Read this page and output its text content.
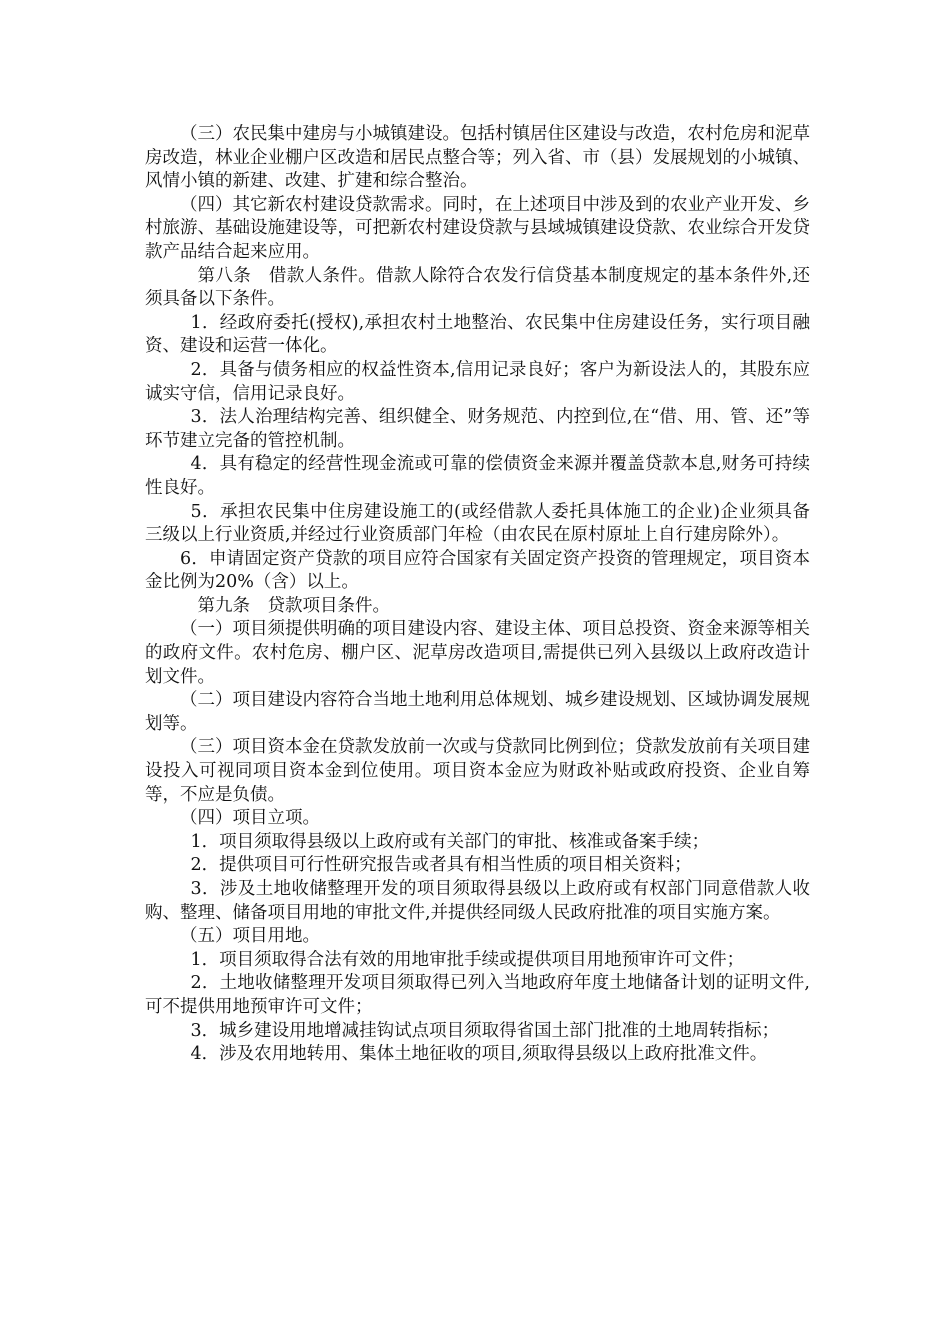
（三）农民集中建房与小城镇建设。包括村镇居住区建设与改造，农村危房和泥草房改造，林业企业棚户区改造和居民点整合等；列入省、市（县）发展规划的小城镇、风情小镇的新建、改建、扩建和综合整治。

（四）其它新农村建设贷款需求。同时，在上述项目中涉及到的农业产业开发、乡村旅游、基础设施建设等，可把新农村建设贷款与县域城镇建设贷款、农业综合开发贷款产品结合起来应用。

第八条　借款人条件。借款人除符合农发行信贷基本制度规定的基本条件外,还须具备以下条件。

1．经政府委托(授权),承担农村土地整治、农民集中住房建设任务，实行项目融资、建设和运营一体化。

2．具备与债务相应的权益性资本,信用记录良好；客户为新设法人的，其股东应诚实守信，信用记录良好。

3．法人治理结构完善、组织健全、财务规范、内控到位,在“借、用、管、还”等环节建立完备的管控机制。

4．具有稳定的经营性现金流或可靠的偿债资金来源并覆盖贷款本息,财务可持续性良好。

5．承担农民集中住房建设施工的(或经借款人委托具体施工的企业)企业须具备三级以上行业资质,并经过行业资质部门年检（由农民在原村原址上自行建房除外）。

6．申请固定资产贷款的项目应符合国家有关固定资产投资的管理规定，项目资本金比例为20%（含）以上。

第九条　贷款项目条件。

（一）项目须提供明确的项目建设内容、建设主体、项目总投资、资金来源等相关的政府文件。农村危房、棚户区、泥草房改造项目,需提供已列入县级以上政府改造计划文件。

（二）项目建设内容符合当地土地利用总体规划、城乡建设规划、区域协调发展规划等。

（三）项目资本金在贷款发放前一次或与贷款同比例到位；贷款发放前有关项目建设投入可视同项目资本金到位使用。项目资本金应为财政补贴或政府投资、企业自筹等，不应是负债。

（四）项目立项。

1．项目须取得县级以上政府或有关部门的审批、核准或备案手续；

2．提供项目可行性研究报告或者具有相当性质的项目相关资料；

3．涉及土地收储整理开发的项目须取得县级以上政府或有权部门同意借款人收购、整理、储备项目用地的审批文件,并提供经同级人民政府批准的项目实施方案。

（五）项目用地。

1．项目须取得合法有效的用地审批手续或提供项目用地预审许可文件；

2．土地收储整理开发项目须取得已列入当地政府年度土地储备计划的证明文件,可不提供用地预审许可文件；

3．城乡建设用地增减挂钩试点项目须取得省国土部门批准的土地周转指标；

4．涉及农用地转用、集体土地征收的项目,须取得县级以上政府批准文件。
